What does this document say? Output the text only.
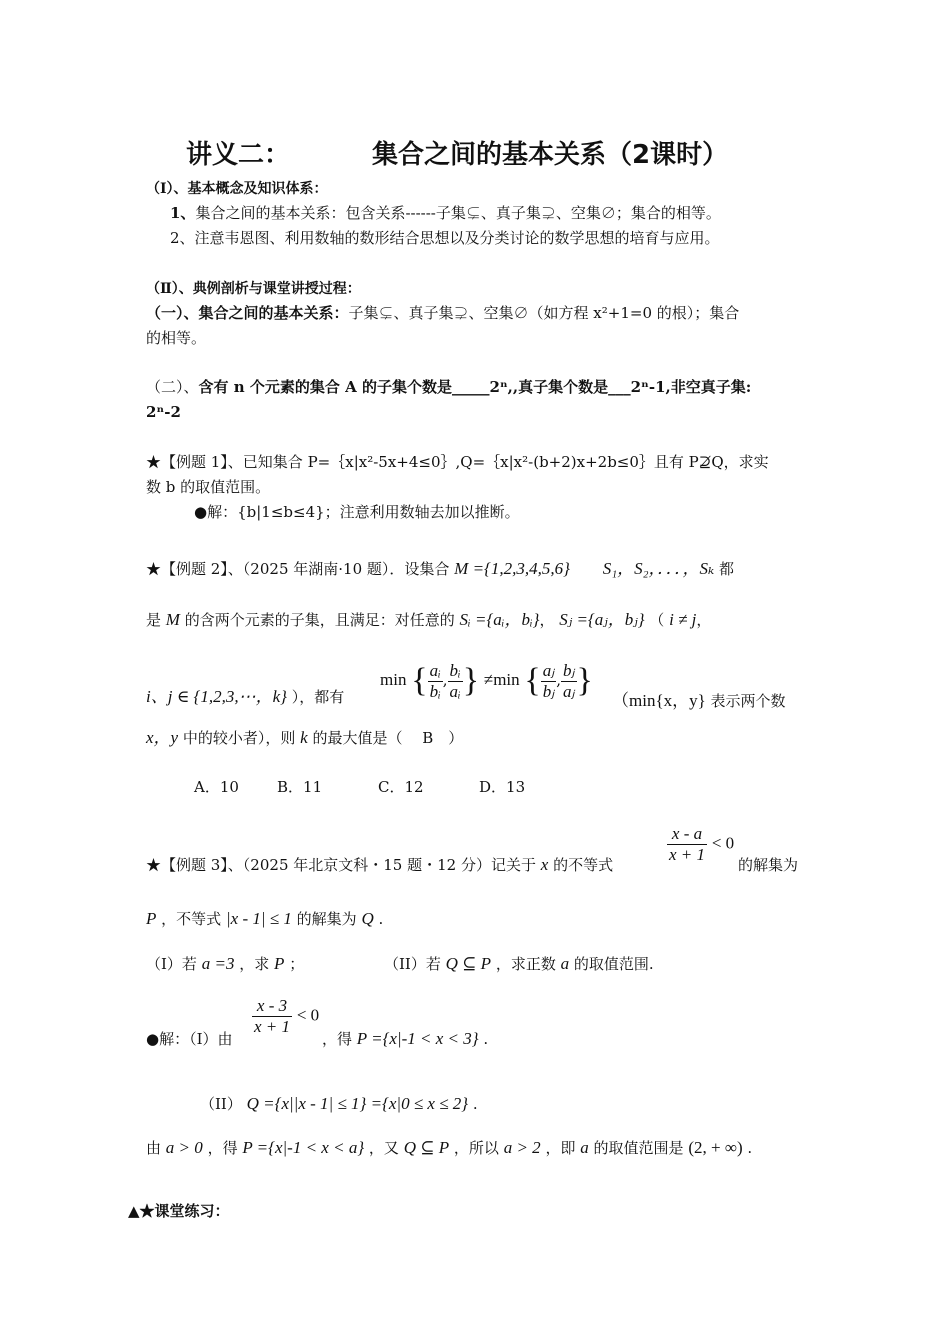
讲义二：	集合之间的基本关系（2课时）
（Ⅰ）、基本概念及知识体系：
1、集合之间的基本关系：包含关系------子集⊊、真子集⊋、空集∅；集合的相等。
2、注意韦恩图、利用数轴的数形结合思想以及分类讨论的数学思想的培育与应用。
（Ⅱ）、典例剖析与课堂讲授过程：
（一）、集合之间的基本关系：子集⊊、真子集⊋、空集∅（如方程 x²+1=0 的根）；集合
的相等。
（二）、含有 n 个元素的集合 A 的子集个数是_____2ⁿ,,真子集个数是___2ⁿ-1,非空真子集:
2ⁿ-2
★【例题 1】、已知集合 P=｛x|x²-5x+4≤0｝,Q=｛x|x²-(b+2)x+2b≤0｝且有 P⊉Q，求实
数 b 的取值范围。
●解：{b|1≤b≤4}；注意利用数轴去加以推断。
★【例题 2】、（2025 年湖南·10 题）．设集合 M ={1,2,3,4,5,6} S₁，S₂，．．．，Sₖ 都
是 M 的含两个元素的子集，且满足：对任意的 Sᵢ ={aᵢ，bᵢ}， Sⱼ ={aⱼ，bⱼ} （ i ≠ j，
i、j ∈ {1,2,3,⋯，k} ），都有
min { $\frac{\text{aᵢ}}{\text{bᵢ}}$ , $\frac{\text{bᵢ}}{\text{aᵢ}}$ } ≠min { $\frac{\text{aⱼ}}{\text{bⱼ}}$ , $\frac{\text{bⱼ}}{\text{aⱼ}}$ }
（min{x，y} 表示两个数
x，y 中的较小者），则 k 的最大值是（　 B　）
A．10	B．11	C．12	D．13
★【例题 3】、（2025 年北京文科・15 题・12 分）记关于 x 的不等式	$\frac{x - a}{x + 1} < 0$
的解集为
P ，不等式 |x - 1| ≤ 1 的解集为 Q .
（I）若 a =3 ，求 P ；	（II）若 Q ⊆ P ，求正数 a 的取值范围.
●解：（I）由
$\frac{x - 3}{x + 1} < 0$
，得 P ={x|-1 < x < 3} .
（II） Q ={x||x - 1| ≤ 1} ={x|0 ≤ x ≤ 2} .
由 a > 0 ，得 P ={x|-1 < x < a} ，又 Q ⊆ P ，所以 a > 2 ，即 a 的取值范围是 (2, + ∞) .
▲★课堂练习：
